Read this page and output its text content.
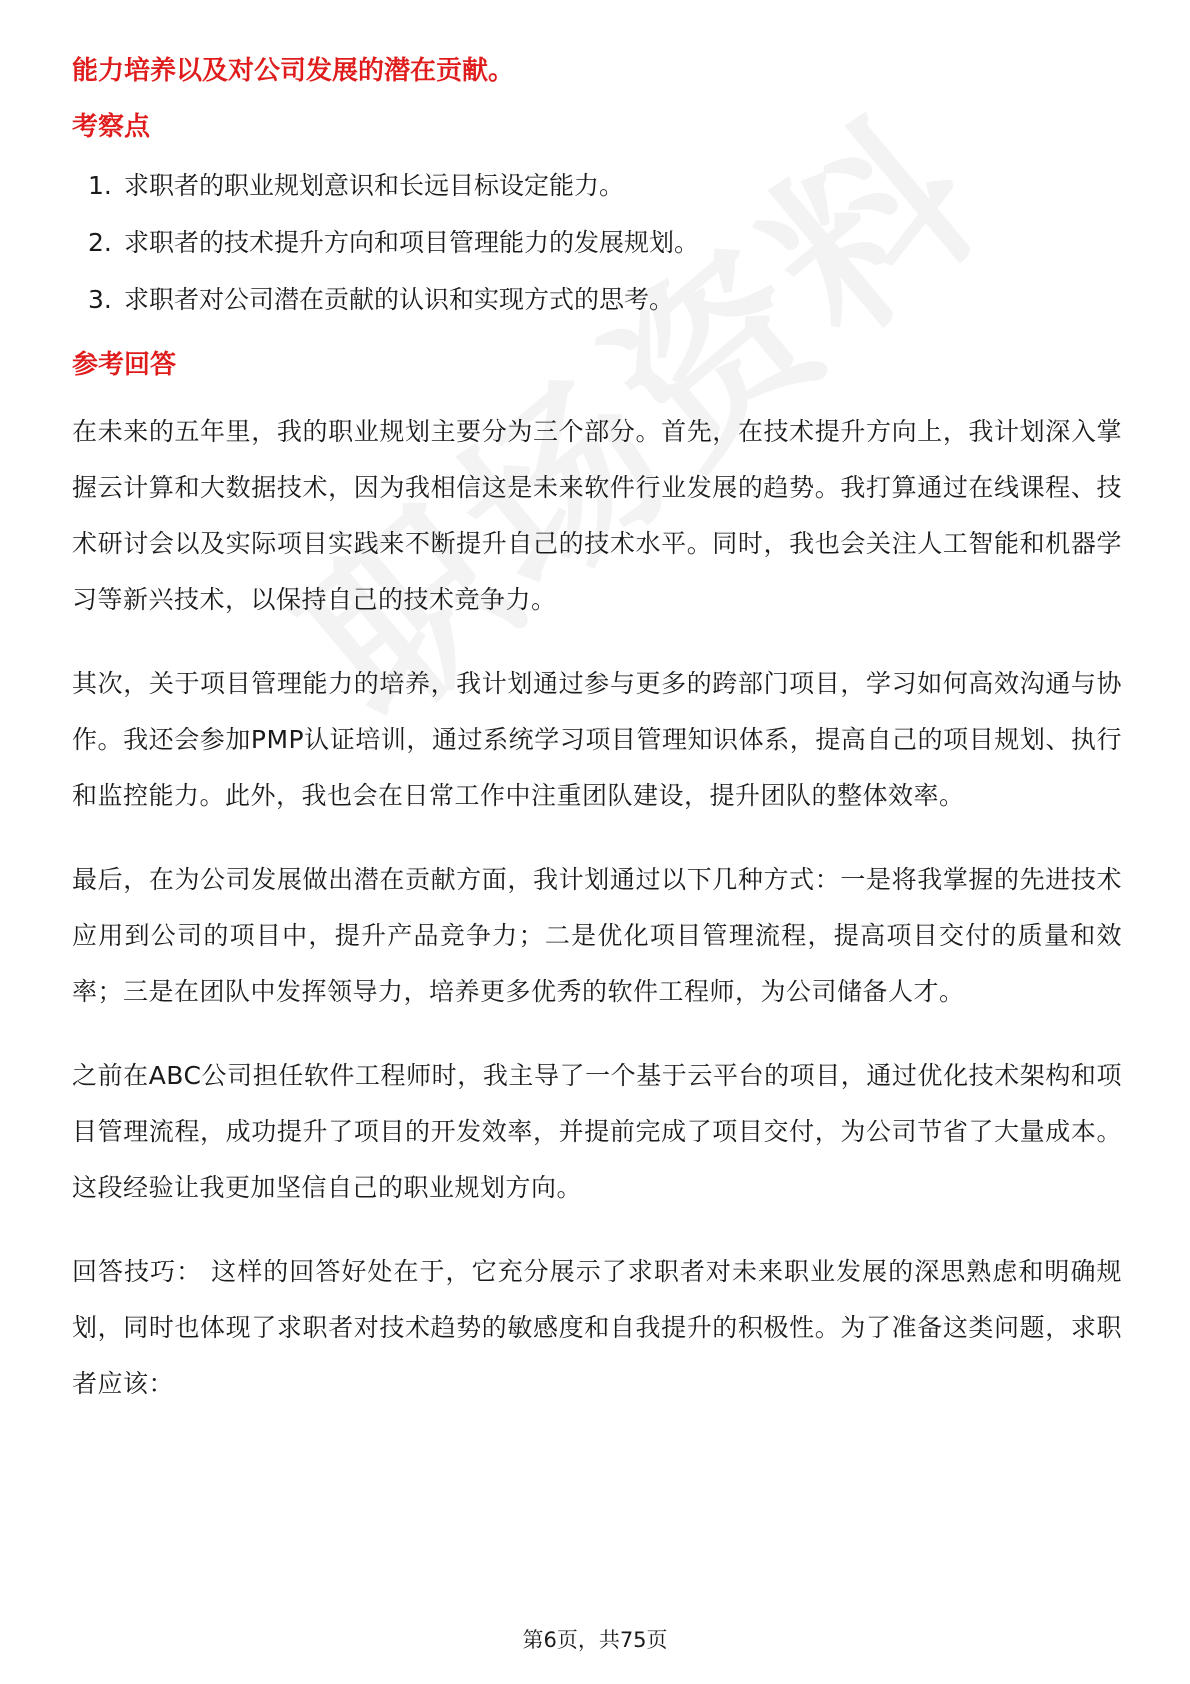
能力培养以及对公司发展的潜在贡献。

考察点

1. 求职者的职业规划意识和长远目标设定能力。
2. 求职者的技术提升方向和项目管理能力的发展规划。
3. 求职者对公司潜在贡献的认识和实现方式的思考。

参考回答

在未来的五年里，我的职业规划主要分为三个部分。首先，在技术提升方向上，我计划深入掌握云计算和大数据技术，因为我相信这是未来软件行业发展的趋势。我打算通过在线课程、技术研讨会以及实际项目实践来不断提升自己的技术水平。同时，我也会关注人工智能和机器学习等新兴技术，以保持自己的技术竞争力。

其次，关于项目管理能力的培养，我计划通过参与更多的跨部门项目，学习如何高效沟通与协作。我还会参加PMP认证培训，通过系统学习项目管理知识体系，提高自己的项目规划、执行和监控能力。此外，我也会在日常工作中注重团队建设，提升团队的整体效率。

最后，在为公司发展做出潜在贡献方面，我计划通过以下几种方式：一是将我掌握的先进技术应用到公司的项目中，提升产品竞争力；二是优化项目管理流程，提高项目交付的质量和效率；三是在团队中发挥领导力，培养更多优秀的软件工程师，为公司储备人才。

之前在ABC公司担任软件工程师时，我主导了一个基于云平台的项目，通过优化技术架构和项目管理流程，成功提升了项目的开发效率，并提前完成了项目交付，为公司节省了大量成本。这段经验让我更加坚信自己的职业规划方向。

回答技巧： 这样的回答好处在于，它充分展示了求职者对未来职业发展的深思熟虑和明确规划，同时也体现了求职者对技术趋势的敏感度和自我提升的积极性。为了准备这类问题，求职者应该：

第6页，共75页
